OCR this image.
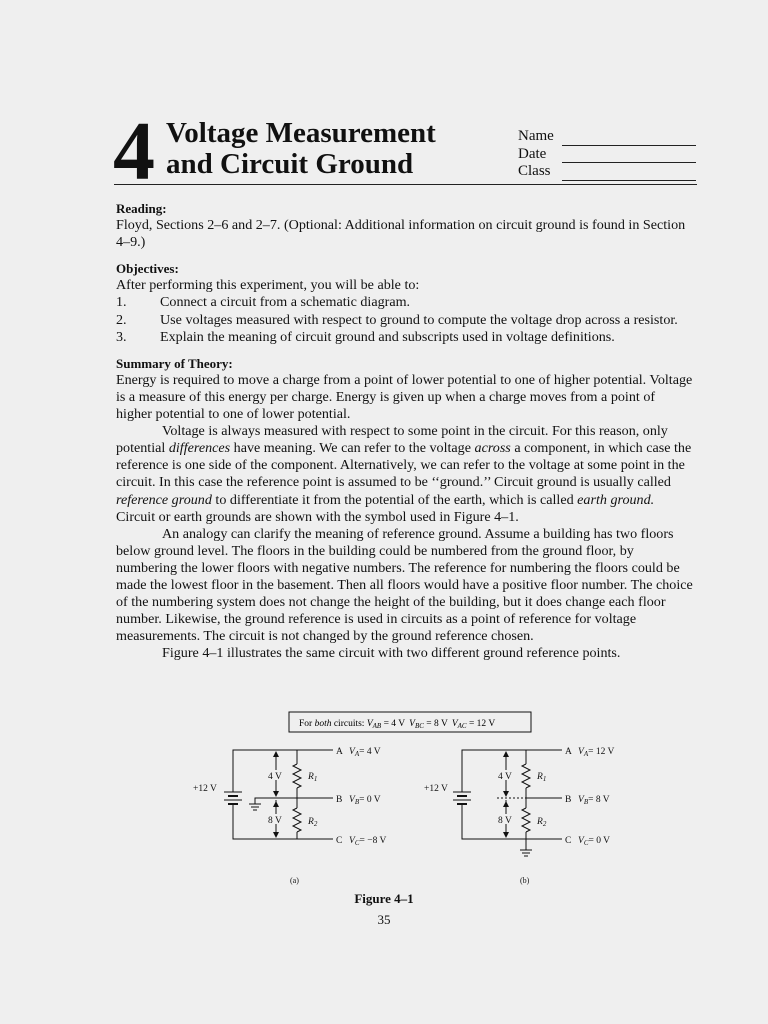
4 Voltage Measurement
and Circuit Ground
Name
Date
Class
Reading:

Floyd, Sections 2–6 and 2–7. (Optional: Additional information on circuit ground is found in Section 4–9.)

Objectives:

After performing this experiment, you will be able to:

1.	Connect a circuit from a schematic diagram.
2.	Use voltages measured with respect to ground to compute the voltage drop across a resistor.
3.	Explain the meaning of circuit ground and subscripts used in voltage definitions.
Summary of Theory:

Energy is required to move a charge from a point of lower potential to one of higher potential. Voltage is a measure of this energy per charge. Energy is given up when a charge moves from a point of higher potential to one of lower potential.

Voltage is always measured with respect to some point in the circuit. For this reason, only potential differences have meaning. We can refer to the voltage across a component, in which case the reference is one side of the component. Alternatively, we can refer to the voltage at some point in the circuit. In this case the reference point is assumed to be ‘‘ground.’’ Circuit ground is usually called reference ground to differentiate it from the potential of the earth, which is called earth ground. Circuit or earth grounds are shown with the symbol used in Figure 4–1.

An analogy can clarify the meaning of reference ground. Assume a building has two floors below ground level. The floors in the building could be numbered from the ground floor, by numbering the lower floors with negative numbers. The reference for numbering the floors could be made the lowest floor in the basement. Then all floors would have a positive floor number. The choice of the numbering system does not change the height of the building, but it does change each floor number. Likewise, the ground reference is used in circuits as a point of reference for voltage measurements. The circuit is not changed by the ground reference chosen.

Figure 4–1 illustrates the same circuit with two different ground reference points.

For both circuits: $V_{AB} = 4$ V $V_{BC} = 8$ V $V_{AC} = 12$ V
+12 V
4 V
8 V
$R_1$
$R_2$
A $V_A= 4$ V
B $V_B= 0$ V
C $V_C= -8$ V
(a)
+12 V
4 V
8 V
$R_1$
$R_2$
A $V_A= 12$ V
B $V_B= 8$ V
C $V_C= 0$ V
(b)
Figure 4–1
35
